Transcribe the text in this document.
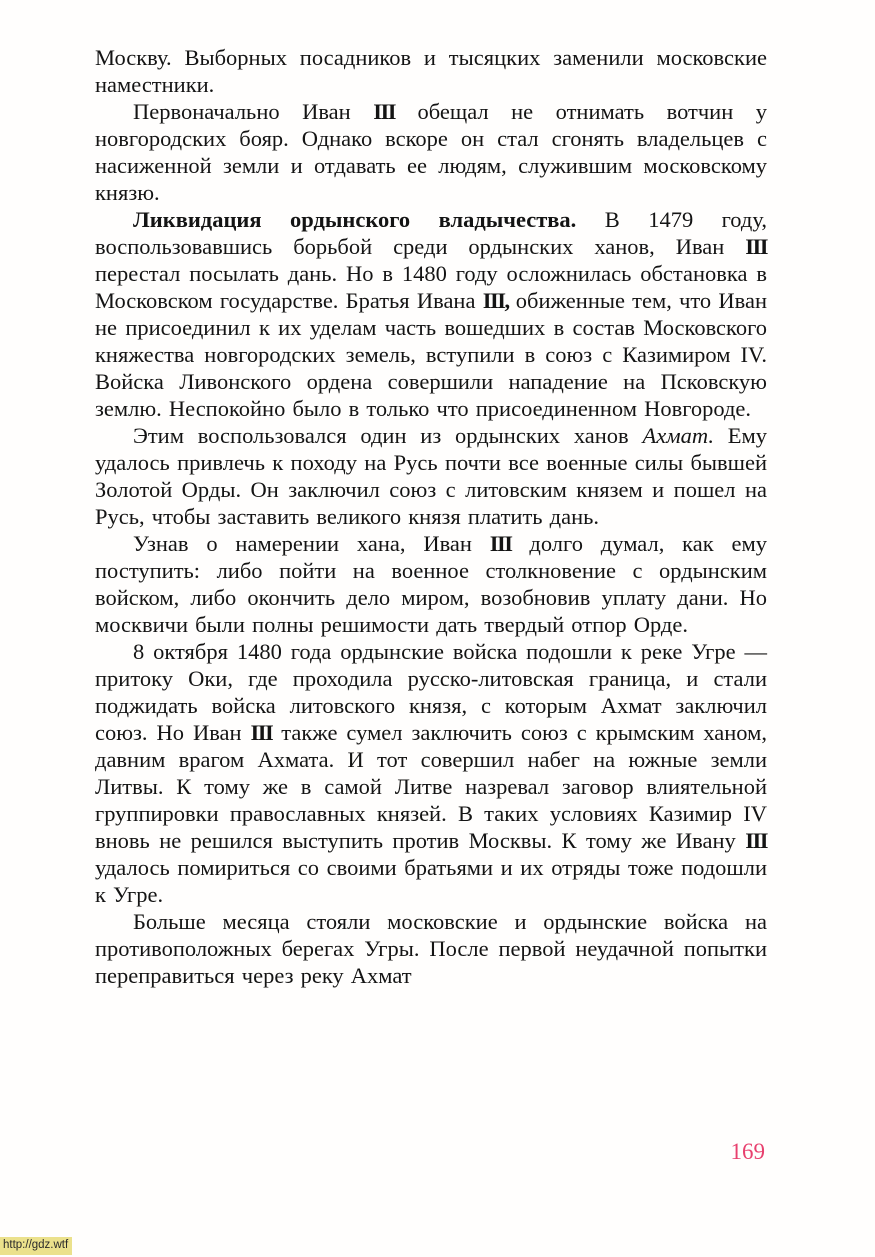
Москву. Выборных посадников и тысяцких заменили московские наместники.

Первоначально Иван III обещал не отнимать вотчин у новгородских бояр. Однако вскоре он стал сгонять владельцев с насиженной земли и отдавать ее людям, служившим московскому князю.

Ликвидация ордынского владычества. В 1479 году, воспользовавшись борьбой среди ордынских ханов, Иван III перестал посылать дань. Но в 1480 году осложнилась обстановка в Московском государстве. Братья Ивана III, обиженные тем, что Иван не присоединил к их уделам часть вошедших в состав Московского княжества новгородских земель, вступили в союз с Казимиром IV. Войска Ливонского ордена совершили нападение на Псковскую землю. Неспокойно было в только что присоединенном Новгороде.

Этим воспользовался один из ордынских ханов Ахмат. Ему удалось привлечь к походу на Русь почти все военные силы бывшей Золотой Орды. Он заключил союз с литовским князем и пошел на Русь, чтобы заставить великого князя платить дань.

Узнав о намерении хана, Иван III долго думал, как ему поступить: либо пойти на военное столкновение с ордынским войском, либо окончить дело миром, возобновив уплату дани. Но москвичи были полны решимости дать твердый отпор Орде.

8 октября 1480 года ордынские войска подошли к реке Угре — притоку Оки, где проходила русско-литовская граница, и стали поджидать войска литовского князя, с которым Ахмат заключил союз. Но Иван III также сумел заключить союз с крымским ханом, давним врагом Ахмата. И тот совершил набег на южные земли Литвы. К тому же в самой Литве назревал заговор влиятельной группировки православных князей. В таких условиях Казимир IV вновь не решился выступить против Москвы. К тому же Ивану III удалось помириться со своими братьями и их отряды тоже подошли к Угре.

Больше месяца стояли московские и ордынские войска на противоположных берегах Угры. После первой неудачной попытки переправиться через реку Ахмат

169
http://gdz.wtf
